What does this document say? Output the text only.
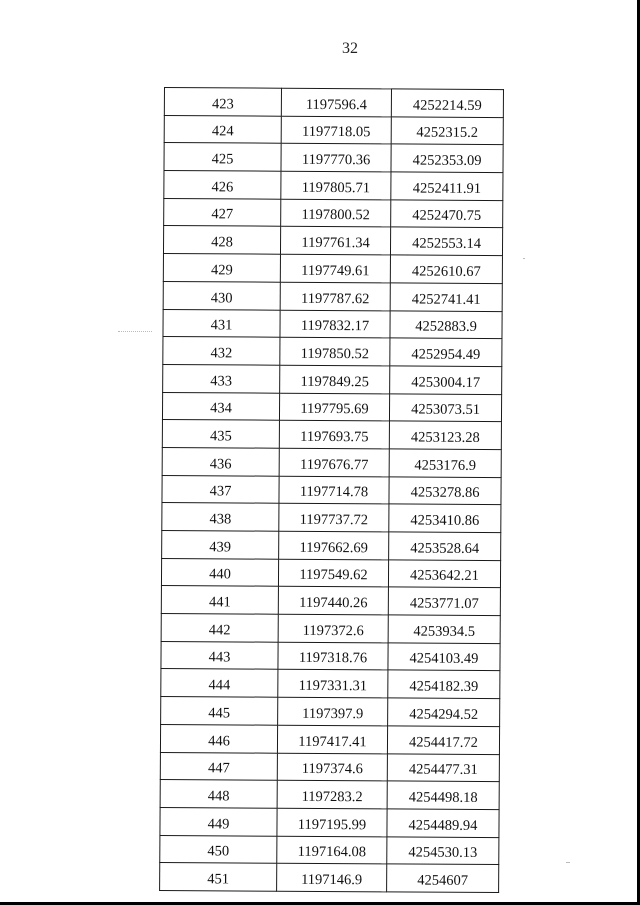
32
423	1197596.4	4252214.59
424	1197718.05	4252315.2
425	1197770.36	4252353.09
426	1197805.71	4252411.91
427	1197800.52	4252470.75
428	1197761.34	4252553.14
429	1197749.61	4252610.67
430	1197787.62	4252741.41
431	1197832.17	4252883.9
432	1197850.52	4252954.49
433	1197849.25	4253004.17
434	1197795.69	4253073.51
435	1197693.75	4253123.28
436	1197676.77	4253176.9
437	1197714.78	4253278.86
438	1197737.72	4253410.86
439	1197662.69	4253528.64
440	1197549.62	4253642.21
441	1197440.26	4253771.07
442	1197372.6	4253934.5
443	1197318.76	4254103.49
444	1197331.31	4254182.39
445	1197397.9	4254294.52
446	1197417.41	4254417.72
447	1197374.6	4254477.31
448	1197283.2	4254498.18
449	1197195.99	4254489.94
450	1197164.08	4254530.13
451	1197146.9	4254607
